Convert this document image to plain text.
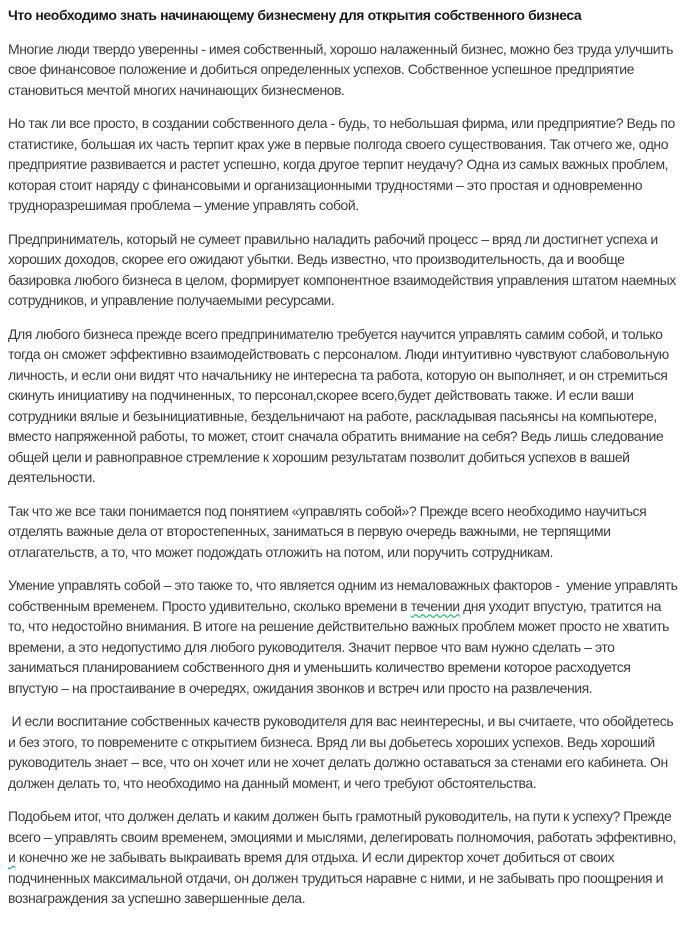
Что необходимо знать начинающему бизнесмену для открытия собственного бизнеса

Многие люди твердо уверенны - имея собственный, хорошо налаженный бизнес, можно без труда улучшить свое финансовое положение и добиться определенных успехов. Собственное успешное предприятие становиться мечтой многих начинающих бизнесменов.

Но так ли все просто, в создании собственного дела - будь, то небольшая фирма, или предприятие? Ведь по статистике, большая их часть терпит крах уже в первые полгода своего существования. Так отчего же, одно предприятие развивается и растет успешно, когда другое терпит неудачу? Одна из самых важных проблем, которая стоит наряду с финансовыми и организационными трудностями – это простая и одновременно трудноразрешимая проблема – умение управлять собой.

Предприниматель, который не сумеет правильно наладить рабочий процесс – вряд ли достигнет успеха и хороших доходов, скорее его ожидают убытки. Ведь известно, что производительность, да и вообще базировка любого бизнеса в целом, формирует компонентное взаимодействия управления штатом наемных сотрудников, и управление получаемыми ресурсами.

Для любого бизнеса прежде всего предпринимателю требуется научится управлять самим собой, и только тогда он сможет эффективно взаимодействовать с персоналом. Люди интуитивно чувствуют слабовольную личность, и если они видят что начальнику не интересна та работа, которую он выполняет, и он стремиться скинуть инициативу на подчиненных, то персонал,скорее всего,будет действовать также. И если ваши сотрудники вялые и безынициативные, бездельничают на работе, раскладывая пасьянсы на компьютере, вместо напряженной работы, то может, стоит сначала обратить внимание на себя? Ведь лишь следование общей цели и равноправное стремление к хорошим результатам позволит добиться успехов в вашей деятельности.

Так что же все таки понимается под понятием «управлять собой»? Прежде всего необходимо научиться отделять важные дела от второстепенных, заниматься в первую очередь важными, не терпящими отлагательств, а то, что может подождать отложить на потом, или поручить сотрудникам.

Умение управлять собой – это также то, что является одним из немаловажных факторов -  умение управлять собственным временем. Просто удивительно, сколько времени в течении дня уходит впустую, тратится на то, что недостойно внимания. В итоге на решение действительно важных проблем может просто не хватить времени, а это недопустимо для любого руководителя. Значит первое что вам нужно сделать – это заниматься планированием собственного дня и уменьшить количество времени которое расходуется впустую – на простаивание в очередях, ожидания звонков и встреч или просто на развлечения.

И если воспитание собственных качеств руководителя для вас неинтересны, и вы считаете, что обойдетесь и без этого, то повремените с открытием бизнеса. Вряд ли вы добьетесь хороших успехов. Ведь хороший руководитель знает – все, что он хочет или не хочет делать должно оставаться за стенами его кабинета. Он должен делать то, что необходимо на данный момент, и чего требуют обстоятельства.

Подобьем итог, что должен делать и каким должен быть грамотный руководитель, на пути к успеху? Прежде всего – управлять своим временем, эмоциями и мыслями, делегировать полномочия, работать эффективно, и конечно же не забывать выкраивать время для отдыха. И если директор хочет добиться от своих подчиненных максимальной отдачи, он должен трудиться наравне с ними, и не забывать про поощрения и вознаграждения за успешно завершенные дела.
